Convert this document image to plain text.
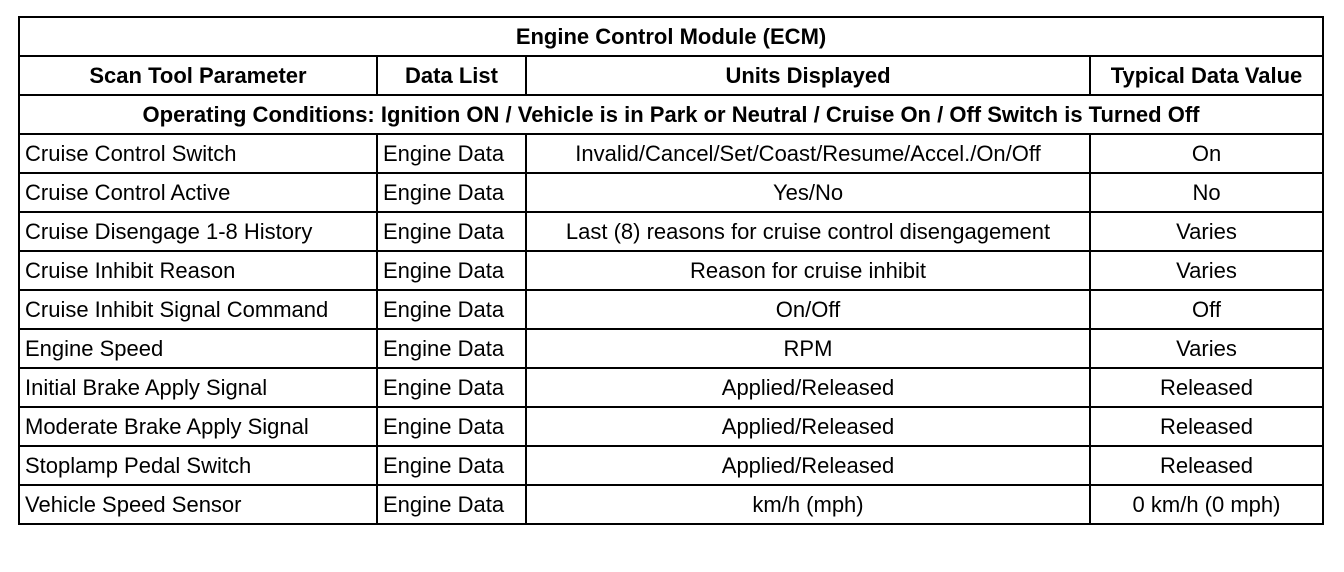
Engine Control Module (ECM)			
Scan Tool Parameter	Data List	Units Displayed	Typical Data Value
Operating Conditions: Ignition ON / Vehicle is in Park or Neutral / Cruise On / Off Switch is Turned Off			
Cruise Control Switch	Engine Data	Invalid/Cancel/Set/Coast/Resume/Accel./On/Off	On
Cruise Control Active	Engine Data	Yes/No	No
Cruise Disengage 1-8 History	Engine Data	Last (8) reasons for cruise control disengagement	Varies
Cruise Inhibit Reason	Engine Data	Reason for cruise inhibit	Varies
Cruise Inhibit Signal Command	Engine Data	On/Off	Off
Engine Speed	Engine Data	RPM	Varies
Initial Brake Apply Signal	Engine Data	Applied/Released	Released
Moderate Brake Apply Signal	Engine Data	Applied/Released	Released
Stoplamp Pedal Switch	Engine Data	Applied/Released	Released
Vehicle Speed Sensor	Engine Data	km/h (mph)	0 km/h (0 mph)
